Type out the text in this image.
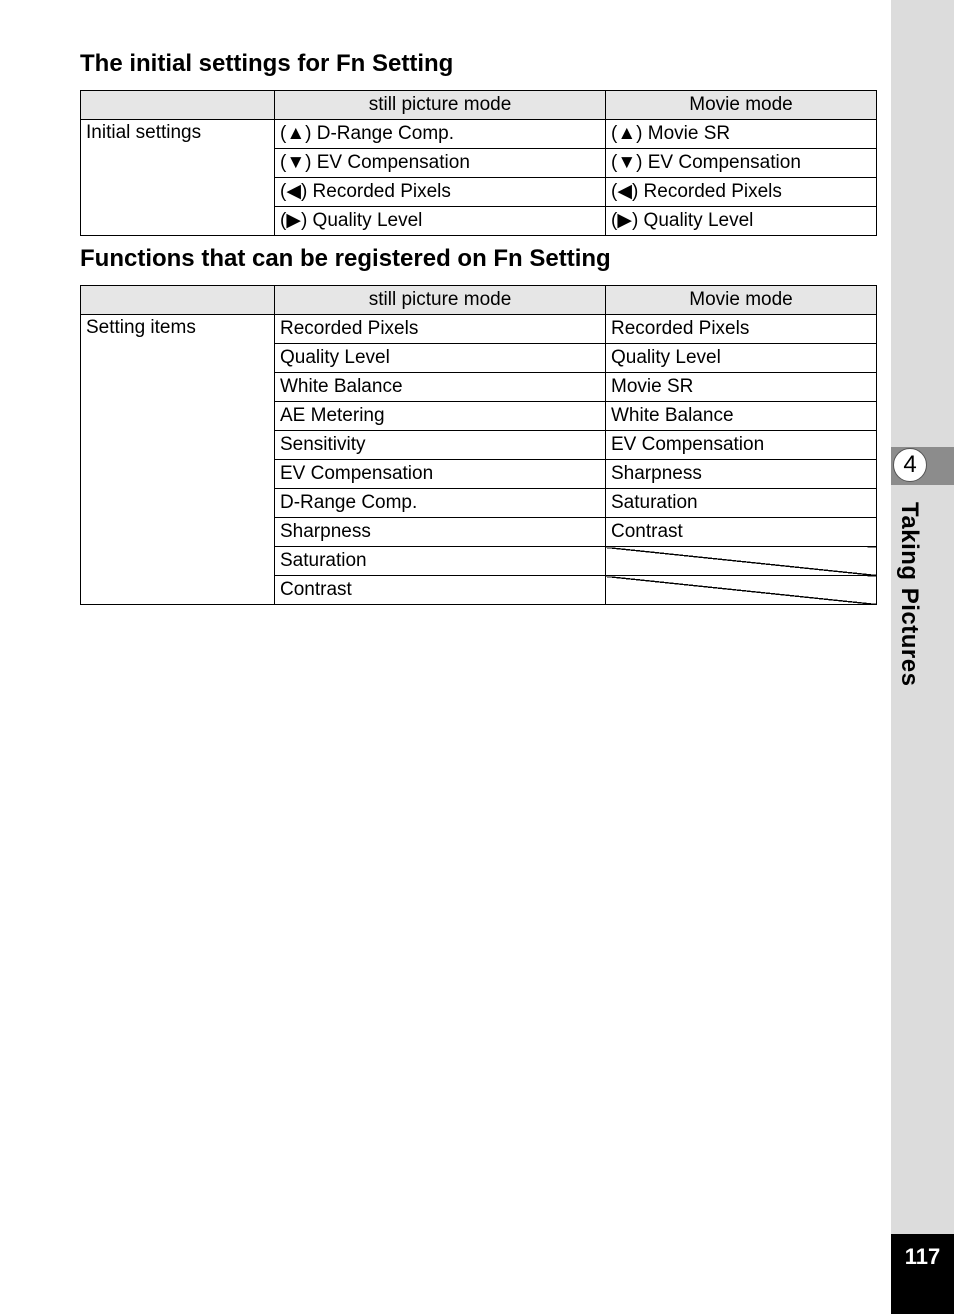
4
Taking Pictures
117
The initial settings for Fn Setting
	still picture mode	Movie mode
Initial settings	(▲) D-Range Comp.	(▲) Movie SR
	(▼) EV Compensation	(▼) EV Compensation
	(◀) Recorded Pixels	(◀) Recorded Pixels
	(▶) Quality Level	(▶) Quality Level
Functions that can be registered on Fn Setting
	still picture mode	Movie mode
Setting items	Recorded Pixels	Recorded Pixels
	Quality Level	Quality Level
	White Balance	Movie SR
	AE Metering	White Balance
	Sensitivity	EV Compensation
	EV Compensation	Sharpness
	D-Range Comp.	Saturation
	Sharpness	Contrast
	Saturation	
	Contrast	
